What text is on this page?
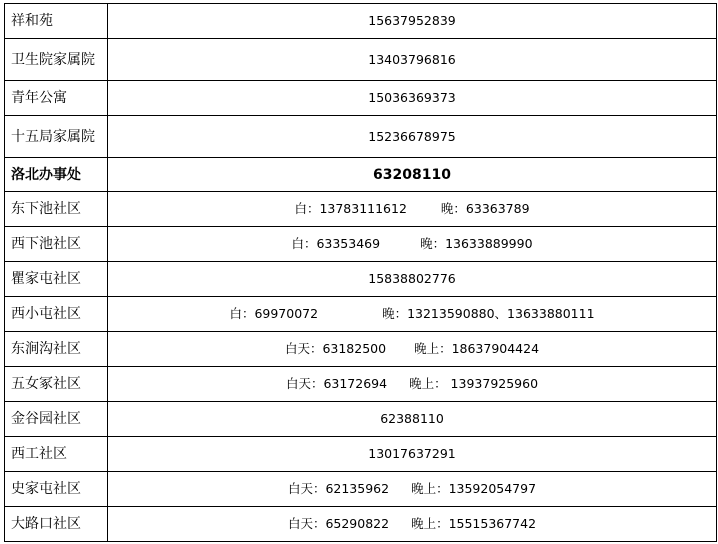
祥和苑	15637952839
卫生院家属院	13403796816
青年公寓	15036369373
十五局家属院	15236678975
洛北办事处	63208110
东下池社区	白：13783111612 晚：63363789
西下池社区	白：63353469 晚：13633889990
瞿家屯社区	15838802776
西小屯社区	白：69970072 晚：13213590880、13633880111
东涧沟社区	白天：63182500 晚上：18637904424
五女冢社区	白天：63172694 晚上： 13937925960
金谷园社区	62388110
西工社区	13017637291
史家屯社区	白天：62135962 晚上：13592054797
大路口社区	白天：65290822 晚上：15515367742
